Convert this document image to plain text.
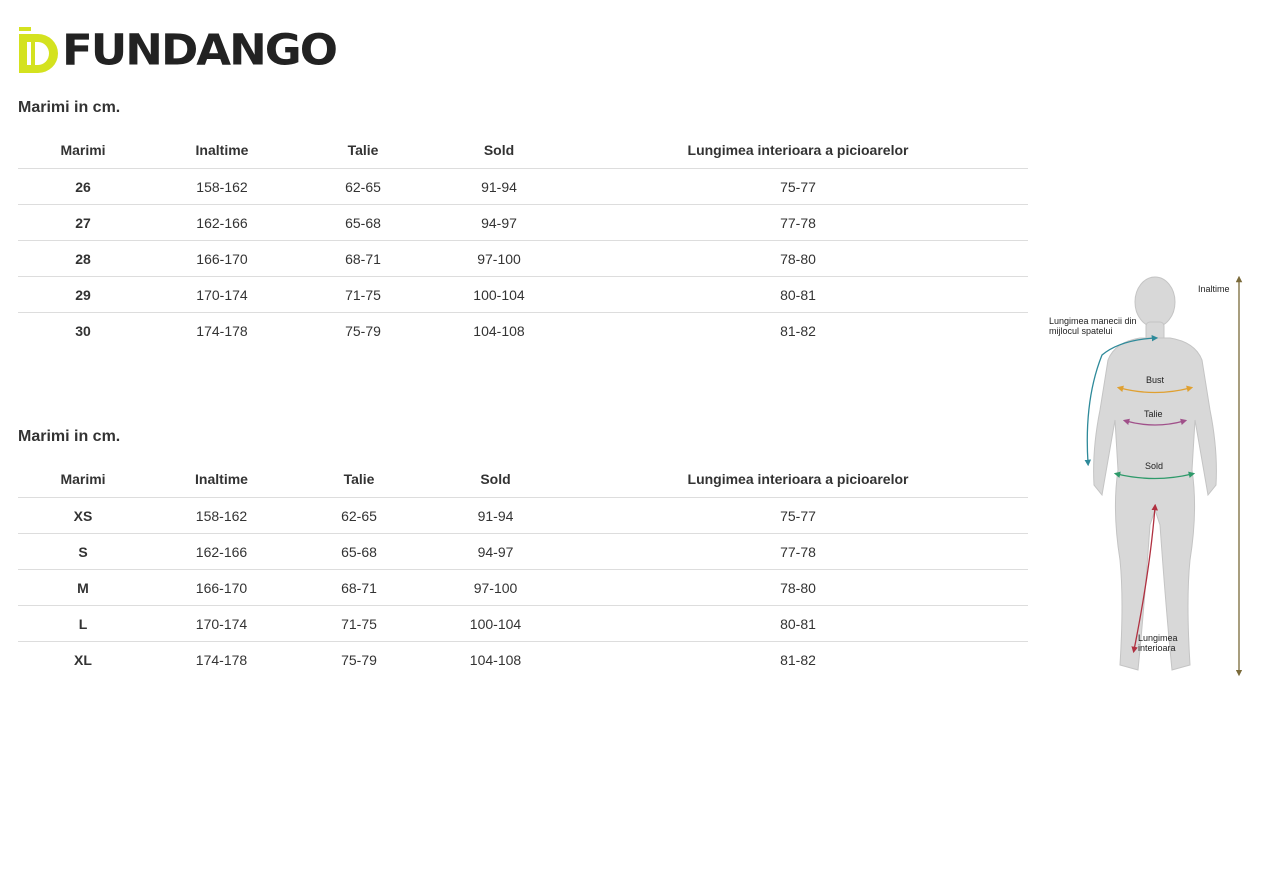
FUNDANGO
Marimi in cm.
Marimi	Inaltime	Talie	Sold	Lungimea interioara a picioarelor
26	158-162	62-65	91-94	75-77
27	162-166	65-68	94-97	77-78
28	166-170	68-71	97-100	78-80
29	170-174	71-75	100-104	80-81
30	174-178	75-79	104-108	81-82
Marimi in cm.
Marimi	Inaltime	Talie	Sold	Lungimea interioara a picioarelor
XS	158-162	62-65	91-94	75-77
S	162-166	65-68	94-97	77-78
M	166-170	68-71	97-100	78-80
L	170-174	71-75	100-104	80-81
XL	174-178	75-79	104-108	81-82
Inaltime
Lungimea manecii din
mijlocul spatelui
Bust
Talie
Sold
Lungimea
interioara
